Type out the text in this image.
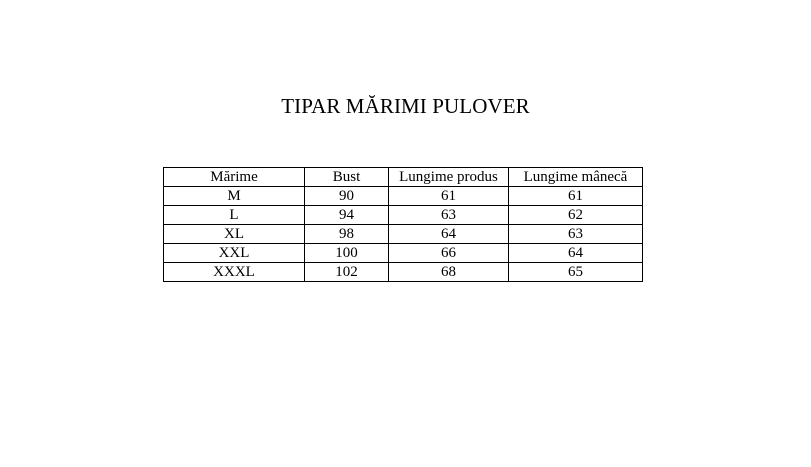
TIPAR MĂRIMI PULOVER
Mărime	Bust	Lungime produs	Lungime mânecă
M	90	61	61
L	94	63	62
XL	98	64	63
XXL	100	66	64
XXXL	102	68	65
